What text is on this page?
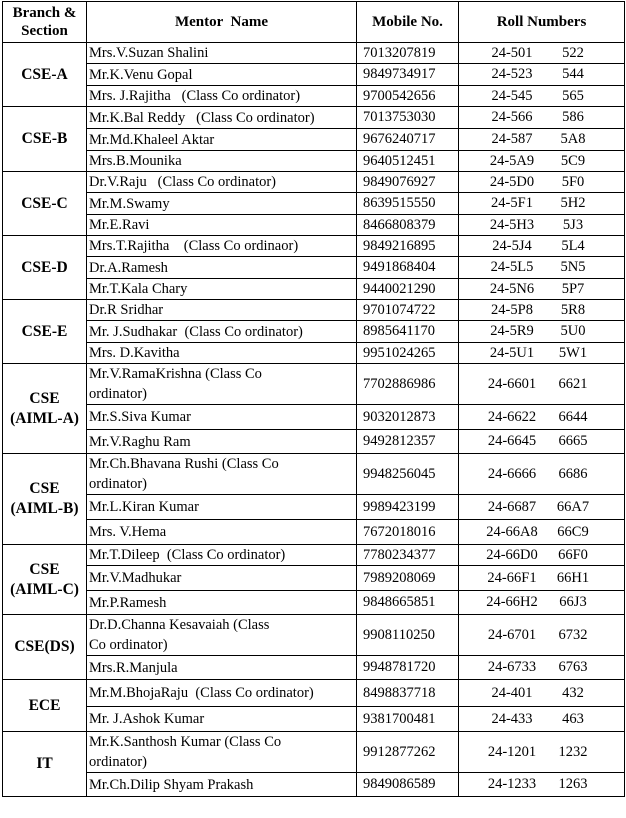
Branch & Section	Mentor  Name	Mobile No.	Roll Numbers
CSE-A	Mrs.V.Suzan Shalini	7013207819	24-501 522

	Mr.K.Venu Gopal	9849734917	24-523 544

	Mrs. J.Rajitha   (Class Co ordinator)	9700542656	24-545 565

CSE-B	Mr.K.Bal Reddy   (Class Co ordinator)	7013753030	24-566 586

	Mr.Md.Khaleel Aktar	9676240717	24-587 5A8

	Mrs.B.Mounika	9640512451	24-5A9 5C9

CSE-C	Dr.V.Raju   (Class Co ordinator)	9849076927	24-5D0 5F0

	Mr.M.Swamy	8639515550	24-5F1 5H2

	Mr.E.Ravi	8466808379	24-5H3 5J3

CSE-D	Mrs.T.Rajitha    (Class Co ordinaor)	9849216895	24-5J4 5L4

	Dr.A.Ramesh	9491868404	24-5L5 5N5

	Mr.T.Kala Chary	9440021290	24-5N6 5P7

CSE-E	Dr.R Sridhar	9701074722	24-5P8 5R8

	Mr. J.Sudhakar  (Class Co ordinator)	8985641170	24-5R9 5U0

	Mrs. D.Kavitha	9951024265	24-5U1 5W1

CSE (AIML-A)	Mr.V.RamaKrishna (Class Co ordinator)	7702886986	24-6601 6621

	Mr.S.Siva Kumar	9032012873	24-6622 6644

	Mr.V.Raghu Ram	9492812357	24-6645 6665

CSE (AIML-B)	Mr.Ch.Bhavana Rushi (Class Co ordinator)	9948256045	24-6666 6686

	Mr.L.Kiran Kumar	9989423199	24-6687 66A7

	Mrs. V.Hema	7672018016	24-66A8 66C9

CSE (AIML-C)	Mr.T.Dileep  (Class Co ordinator)	7780234377	24-66D0 66F0

	Mr.V.Madhukar	7989208069	24-66F1 66H1

	Mr.P.Ramesh	9848665851	24-66H2 66J3

CSE(DS)	Dr.D.Channa Kesavaiah (Class Co ordinator)	9908110250	24-6701 6732

	Mrs.R.Manjula	9948781720	24-6733 6763

ECE	Mr.M.BhojaRaju  (Class Co ordinator)	8498837718	24-401 432

	Mr. J.Ashok Kumar	9381700481	24-433 463

IT	Mr.K.Santhosh Kumar (Class Co ordinator)	9912877262	24-1201 1232

	Mr.Ch.Dilip Shyam Prakash	9849086589	24-1233 1263
